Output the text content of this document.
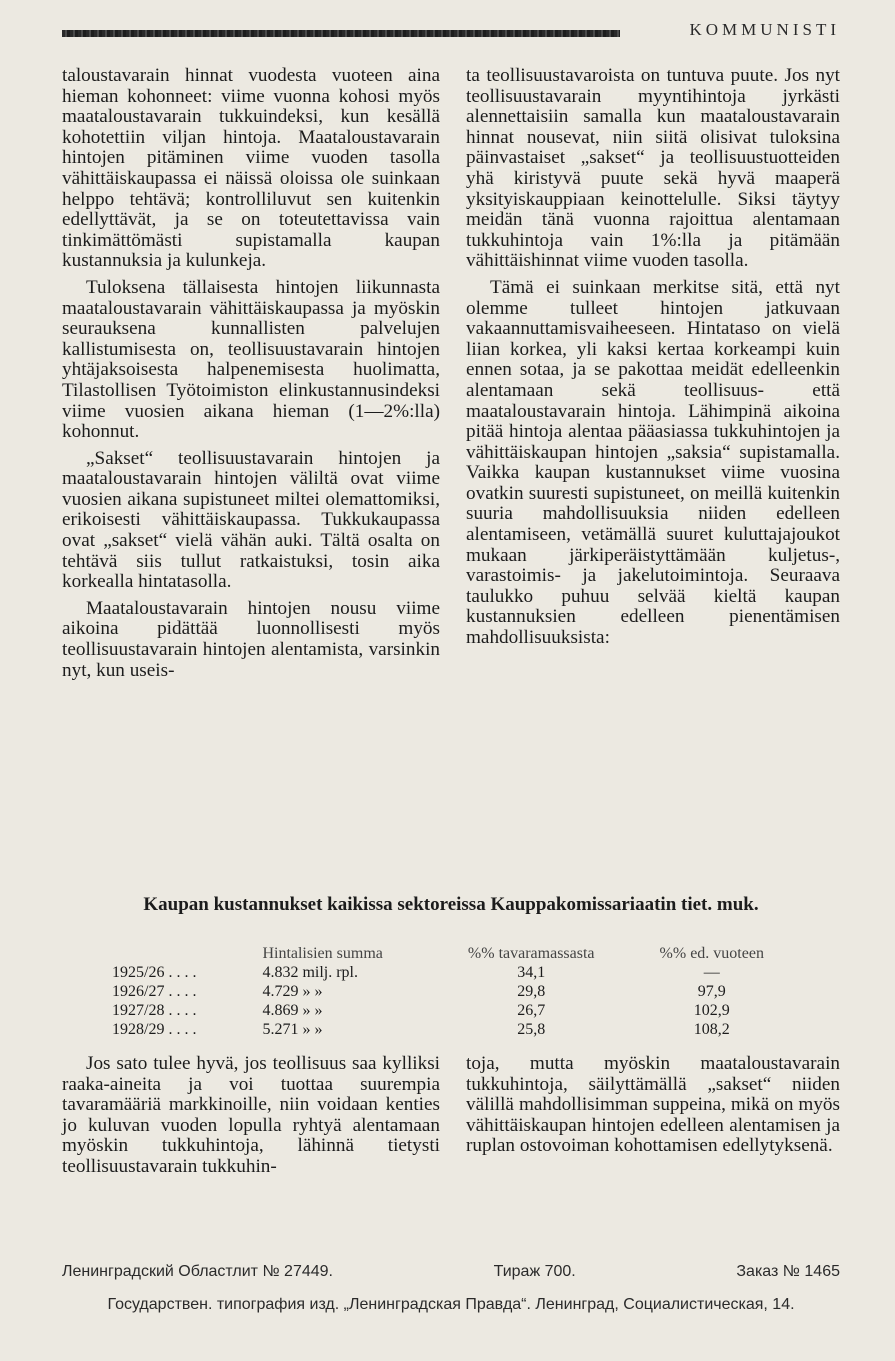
KOMMUNISTI

taloustavarain hinnat vuodesta vuoteen aina hieman kohonneet: viime vuonna kohosi myös maataloustavarain tukkuindeksi, kun kesällä kohotettiin viljan hintoja. Maataloustavarain hintojen pitäminen viime vuoden tasolla vähittäiskaupassa ei näissä oloissa ole suinkaan helppo tehtävä; kontrolliluvut sen kuitenkin edellyttävät, ja se on toteutettavissa vain tinkimättömästi supistamalla kaupan kustannuksia ja kulunkeja.

Tuloksena tällaisesta hintojen liikunnasta maataloustavarain vähittäiskaupassa ja myöskin seurauksena kunnallisten palvelujen kallistumisesta on, teollisuustavarain hintojen yhtäjaksoisesta halpenemisesta huolimatta, Tilastollisen Työtoimiston elinkustannusindeksi viime vuosien aikana hieman (1—2%:lla) kohonnut.

„Sakset“ teollisuustavarain hintojen ja maataloustavarain hintojen väliltä ovat viime vuosien aikana supistuneet miltei olemattomiksi, erikoisesti vähittäiskaupassa. Tukkukaupassa ovat „sakset“ vielä vähän auki. Tältä osalta on tehtävä siis tullut ratkaistuksi, tosin aika korkealla hintatasolla.

Maataloustavarain hintojen nousu viime aikoina pidättää luonnollisesti myös teollisuustavarain hintojen alentamista, varsinkin nyt, kun useis-

ta teollisuustavaroista on tuntuva puute. Jos nyt teollisuustavarain myyntihintoja jyrkästi alennettaisiin samalla kun maataloustavarain hinnat nousevat, niin siitä olisivat tuloksina päinvastaiset „sakset“ ja teollisuustuotteiden yhä kiristyvä puute sekä hyvä maaperä yksityiskauppiaan keinottelulle. Siksi täytyy meidän tänä vuonna rajoittua alentamaan tukkuhintoja vain 1%:lla ja pitämään vähittäishinnat viime vuoden tasolla.

Tämä ei suinkaan merkitse sitä, että nyt olemme tulleet hintojen jatkuvaan vakaannuttamisvaiheeseen. Hintataso on vielä liian korkea, yli kaksi kertaa korkeampi kuin ennen sotaa, ja se pakottaa meidät edelleenkin alentamaan sekä teollisuus- että maataloustavarain hintoja. Lähimpinä aikoina pitää hintoja alentaa pääasiassa tukkuhintojen ja vähittäiskaupan hintojen „saksia“ supistamalla. Vaikka kaupan kustannukset viime vuosina ovatkin suuresti supistuneet, on meillä kuitenkin suuria mahdollisuuksia niiden edelleen alentamiseen, vetämällä suuret kuluttajajoukot mukaan järkiperäistyttämään kuljetus-, varastoimis- ja jakelutoimintoja. Seuraava taulukko puhuu selvää kieltä kaupan kustannuksien edelleen pienentämisen mahdollisuuksista:

Kaupan kustannukset kaikissa sektoreissa Kauppakomissariaatin tiet. muk.
	Hintalisien summa	%% tavaramassasta	%% ed. vuoteen
1925/26 . . . .	4.832 milj. rpl.	34,1	—
1926/27 . . . .	4.729 » »	29,8	97,9
1927/28 . . . .	4.869 » »	26,7	102,9
1928/29 . . . .	5.271 » »	25,8	108,2

Jos sato tulee hyvä, jos teollisuus saa kylliksi raaka-aineita ja voi tuottaa suurempia tavaramääriä markkinoille, niin voidaan kenties jo kuluvan vuoden lopulla ryhtyä alentamaan myöskin tukkuhintoja, lähinnä tietysti teollisuustavarain tukkuhin-

toja, mutta myöskin maataloustavarain tukkuhintoja, säilyttämällä „sakset“ niiden välillä mahdollisimman suppeina, mikä on myös vähittäiskaupan hintojen edelleen alentamisen ja ruplan ostovoiman kohottamisen edellytyksenä.

Ленинградский Областлит № 27449.	Тираж 700.	Заказ № 1465
Государствен. типография изд. „Ленинградская Правда“. Ленинград, Социалистическая, 14.
